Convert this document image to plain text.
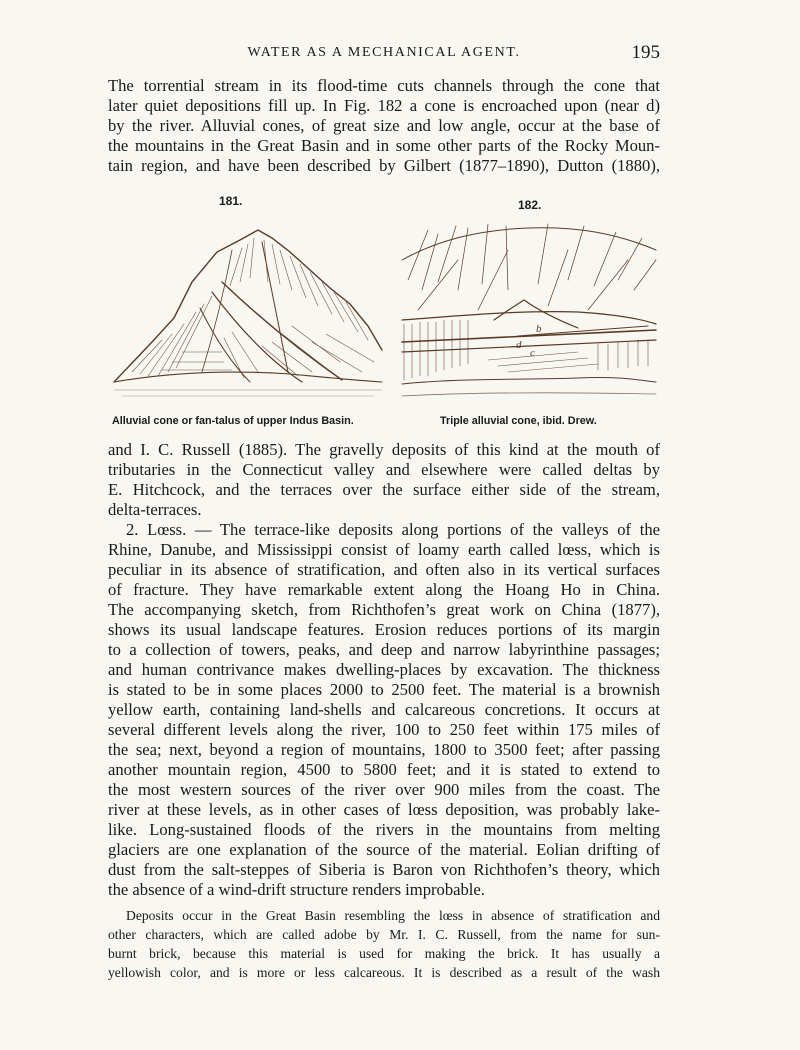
WATER AS A MECHANICAL AGENT.	195

The torrential stream in its flood-time cuts channels through the cone that
later quiet depositions fill up. In Fig. 182 a cone is encroached upon (near d)
by the river. Alluvial cones, of great size and low angle, occur at the base of
the mountains in the Great Basin and in some other parts of the Rocky Moun-
tain region, and have been described by Gilbert (1877–1890), Dutton (1880),

181.
Alluvial cone or fan-talus of upper Indus Basin.
182.
b
c
d
Triple alluvial cone, ibid. Drew.

and I. C. Russell (1885). The gravelly deposits of this kind at the mouth of
tributaries in the Connecticut valley and elsewhere were called deltas by
E. Hitchcock, and the terraces over the surface either side of the stream,
delta-terraces.

2. Lœss. — The terrace-like deposits along portions of the valleys of the
Rhine, Danube, and Mississippi consist of loamy earth called lœss, which is
peculiar in its absence of stratification, and often also in its vertical surfaces
of fracture. They have remarkable extent along the Hoang Ho in China.
The accompanying sketch, from Richthofen’s great work on China (1877),
shows its usual landscape features. Erosion reduces portions of its margin
to a collection of towers, peaks, and deep and narrow labyrinthine passages;
and human contrivance makes dwelling-places by excavation. The thickness
is stated to be in some places 2000 to 2500 feet. The material is a brownish
yellow earth, containing land-shells and calcareous concretions. It occurs at
several different levels along the river, 100 to 250 feet within 175 miles of
the sea; next, beyond a region of mountains, 1800 to 3500 feet; after passing
another mountain region, 4500 to 5800 feet; and it is stated to extend to
the most western sources of the river over 900 miles from the coast. The
river at these levels, as in other cases of lœss deposition, was probably lake-
like. Long-sustained floods of the rivers in the mountains from melting
glaciers are one explanation of the source of the material. Eolian drifting of
dust from the salt-steppes of Siberia is Baron von Richthofen’s theory, which
the absence of a wind-drift structure renders improbable.

Deposits occur in the Great Basin resembling the lœss in absence of stratification and
other characters, which are called adobe by Mr. I. C. Russell, from the name for sun-
burnt brick, because this material is used for making the brick. It has usually a
yellowish color, and is more or less calcareous. It is described as a result of the wash
